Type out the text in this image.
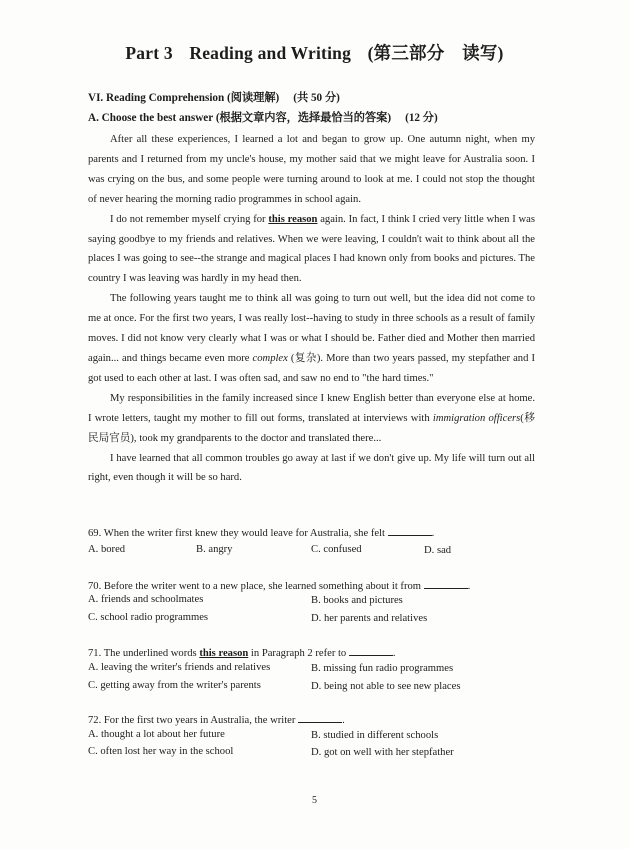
Part 3 Reading and Writing (第三部分　读写)
VI. Reading Comprehension (阅读理解) (共 50 分)
A. Choose the best answer (根据文章内容，选择最恰当的答案) (12 分)

After all these experiences, I learned a lot and began to grow up. One autumn night, when my parents and I returned from my uncle's house, my mother said that we might leave for Australia soon. I was crying on the bus, and some people were turning around to look at me. I could not stop the thought of never hearing the morning radio programmes in school again.

I do not remember myself crying for this reason again. In fact, I think I cried very little when I was saying goodbye to my friends and relatives. When we were leaving, I couldn't wait to think about all the places I was going to see--the strange and magical places I had known only from books and pictures. The country I was leaving was hardly in my head then.

The following years taught me to think all was going to turn out well, but the idea did not come to me at once. For the first two years, I was really lost--having to study in three schools as a result of family moves. I did not know very clearly what I was or what I should be. Father died and Mother then married again... and things became even more complex (复杂). More than two years passed, my stepfather and I got used to each other at last. I was often sad, and saw no end to "the hard times."

My responsibilities in the family increased since I knew English better than everyone else at home. I wrote letters, taught my mother to fill out forms, translated at interviews with immigration officers(移民局官员), took my grandparents to the doctor and translated there...

I have learned that all common troubles go away at last if we don't give up. My life will turn out all right, even though it will be so hard.

69. When the writer first knew they would leave for Australia, she felt	.
A. bored	B. angry	C. confused	D. sad
70. Before the writer went to a new place, she learned something about it from	.
A. friends and schoolmates	B. books and pictures
C. school radio programmes	D. her parents and relatives
71. The underlined words this reason in Paragraph 2 refer to	.
A. leaving the writer's friends and relatives	B. missing fun radio programmes
C. getting away from the writer's parents	D. being not able to see new places
72. For the first two years in Australia, the writer	.
A. thought a lot about her future	B. studied in different schools
C. often lost her way in the school	D. got on well with her stepfather
5
